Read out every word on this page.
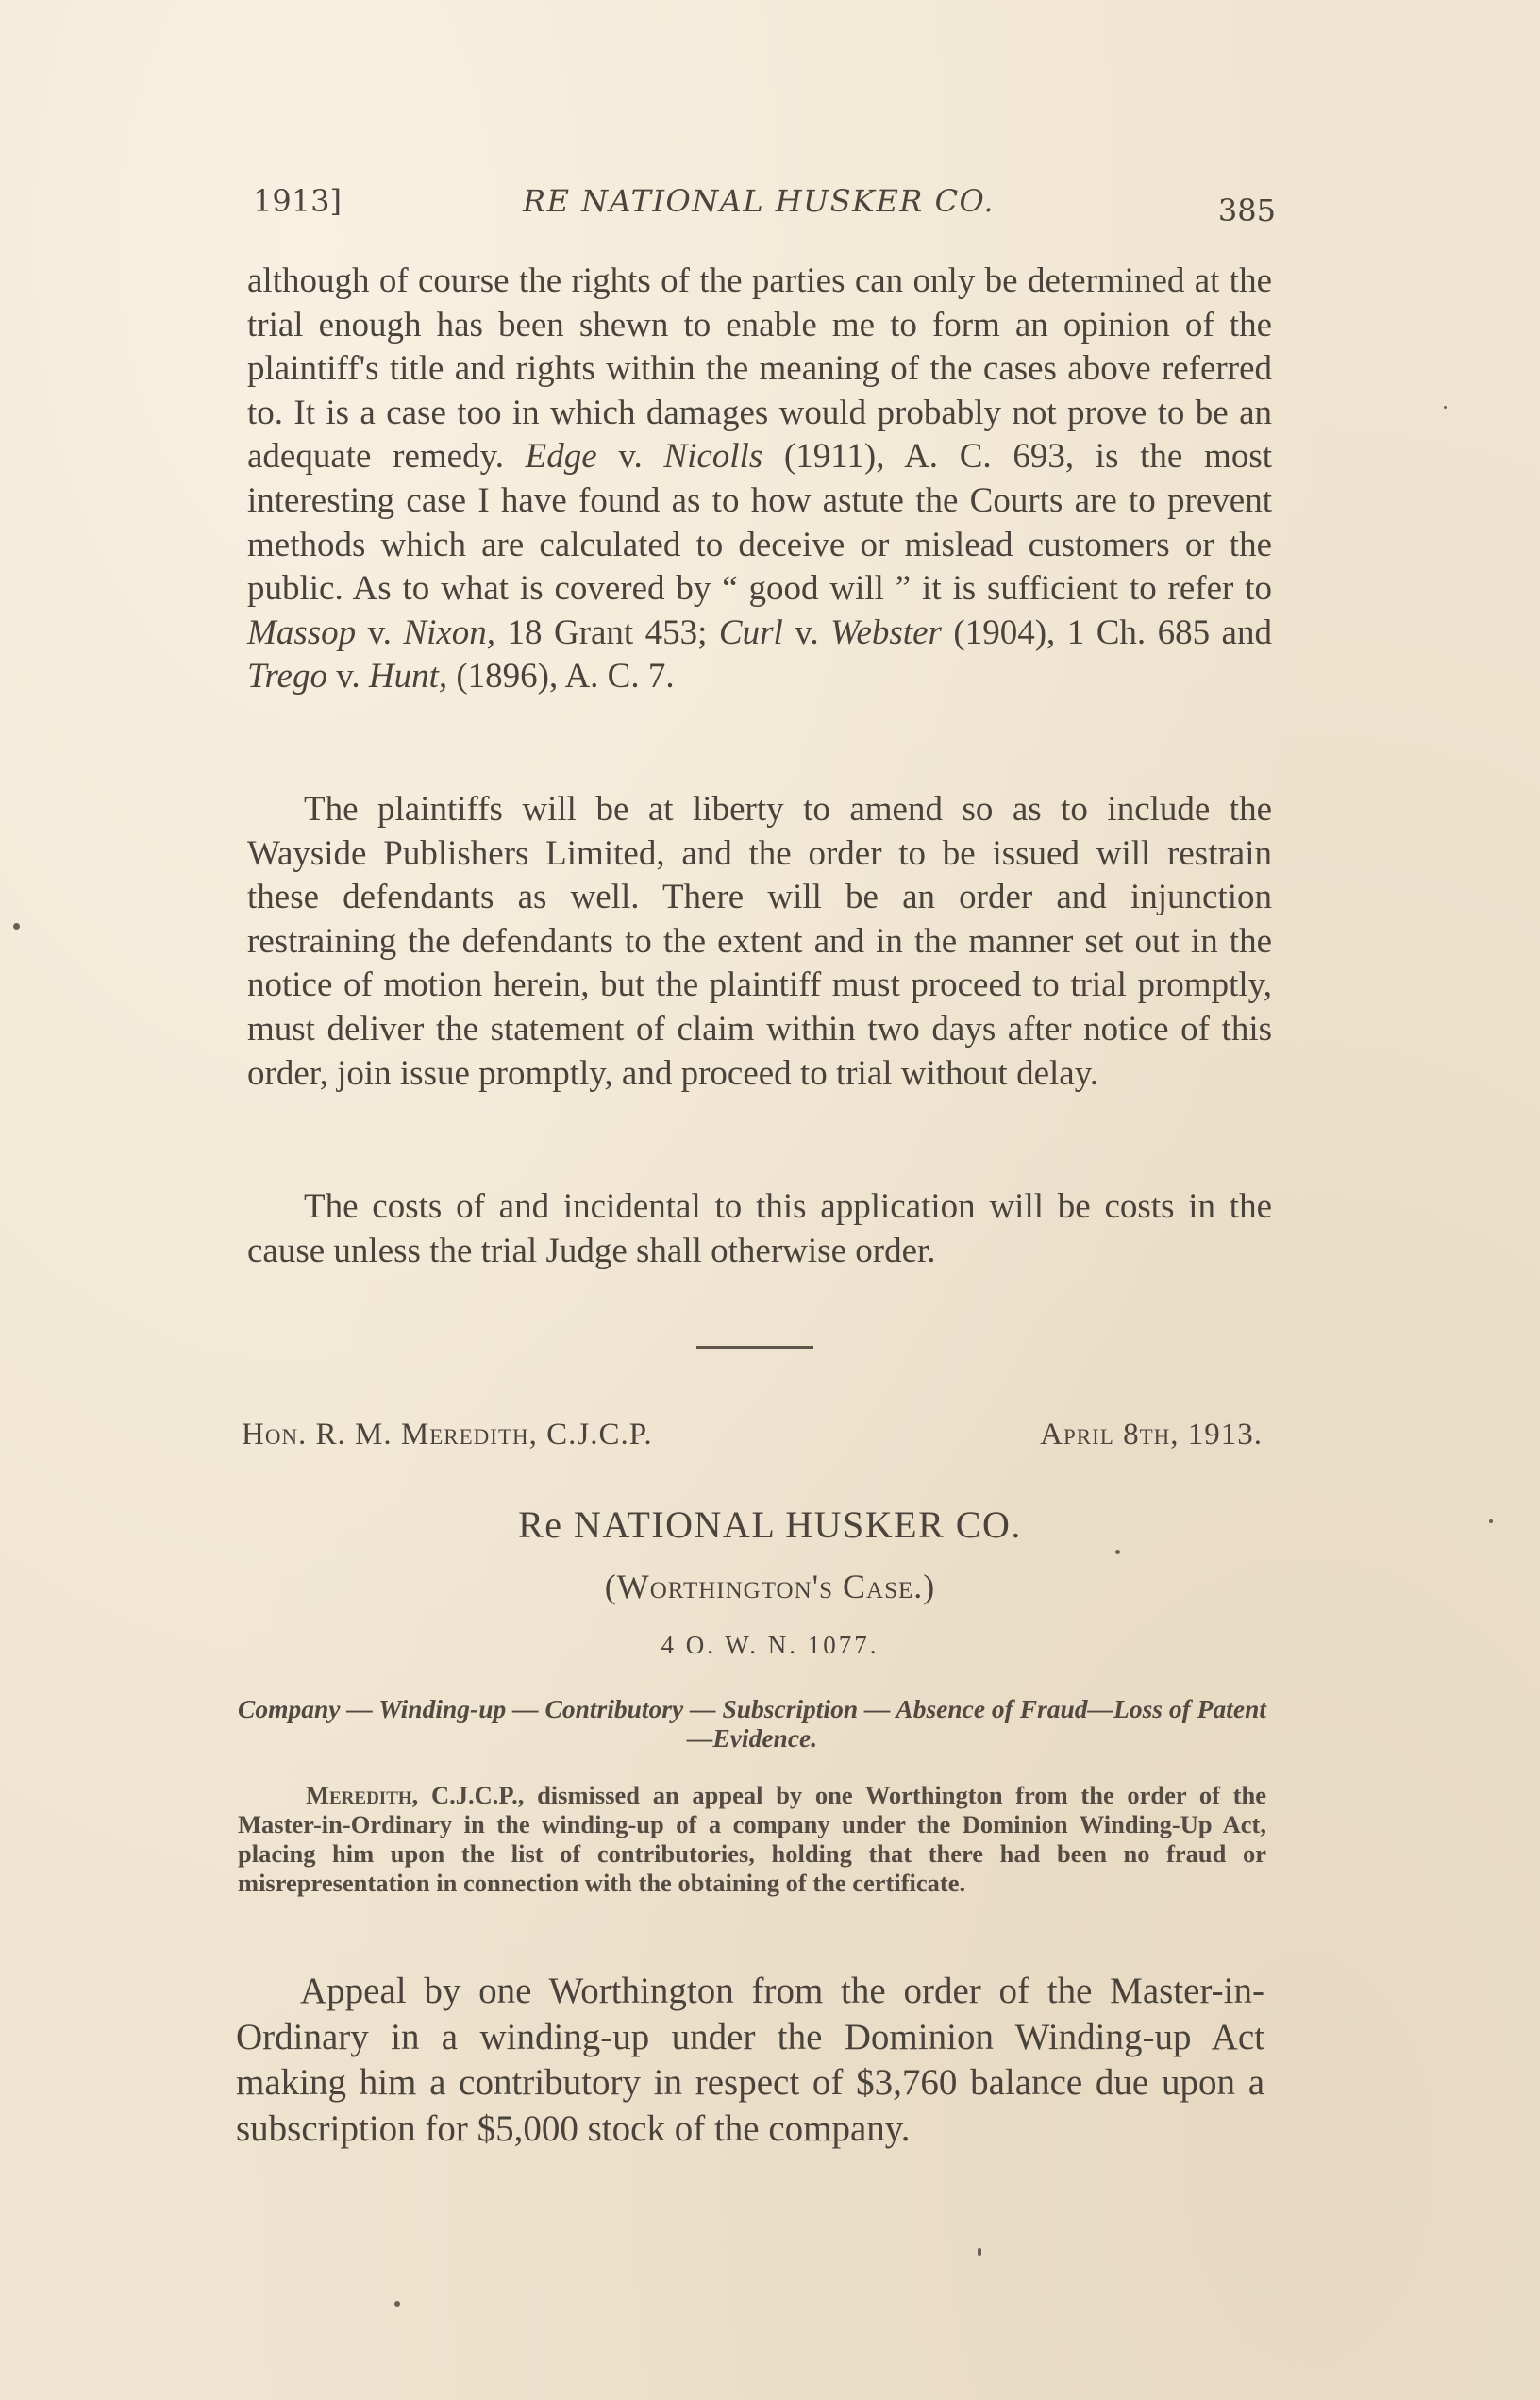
1913]	RE NATIONAL HUSKER CO.	385

although of course the rights of the parties can only be determined at the trial enough has been shewn to enable me to form an opinion of the plaintiff's title and rights within the meaning of the cases above referred to. It is a case too in which damages would probably not prove to be an adequate remedy. Edge v. Nicolls (1911), A. C. 693, is the most interesting case I have found as to how astute the Courts are to prevent methods which are calculated to deceive or mislead customers or the public. As to what is covered by “ good will ” it is sufficient to refer to Massop v. Nixon, 18 Grant 453; Curl v. Webster (1904), 1 Ch. 685 and Trego v. Hunt, (1896), A. C. 7.

The plaintiffs will be at liberty to amend so as to include the Wayside Publishers Limited, and the order to be issued will restrain these defendants as well. There will be an order and injunction restraining the defendants to the extent and in the manner set out in the notice of motion herein, but the plaintiff must proceed to trial promptly, must deliver the statement of claim within two days after notice of this order, join issue promptly, and proceed to trial without delay.

The costs of and incidental to this application will be costs in the cause unless the trial Judge shall otherwise order.

Hon. R. M. Meredith, C.J.C.P.	April 8th, 1913.
Re NATIONAL HUSKER CO.
(Worthington's Case.)
4 O. W. N. 1077.
Company — Winding-up — Contributory — Subscription — Absence of Fraud—Loss of Patent—Evidence.

Meredith, C.J.C.P., dismissed an appeal by one Worthington from the order of the Master-in-Ordinary in the winding-up of a company under the Dominion Winding-Up Act, placing him upon the list of contributories, holding that there had been no fraud or misrepresentation in connection with the obtaining of the certificate.

Appeal by one Worthington from the order of the Master-in-Ordinary in a winding-up under the Dominion Winding-up Act making him a contributory in respect of $3,760 balance due upon a subscription for $5,000 stock of the company.
